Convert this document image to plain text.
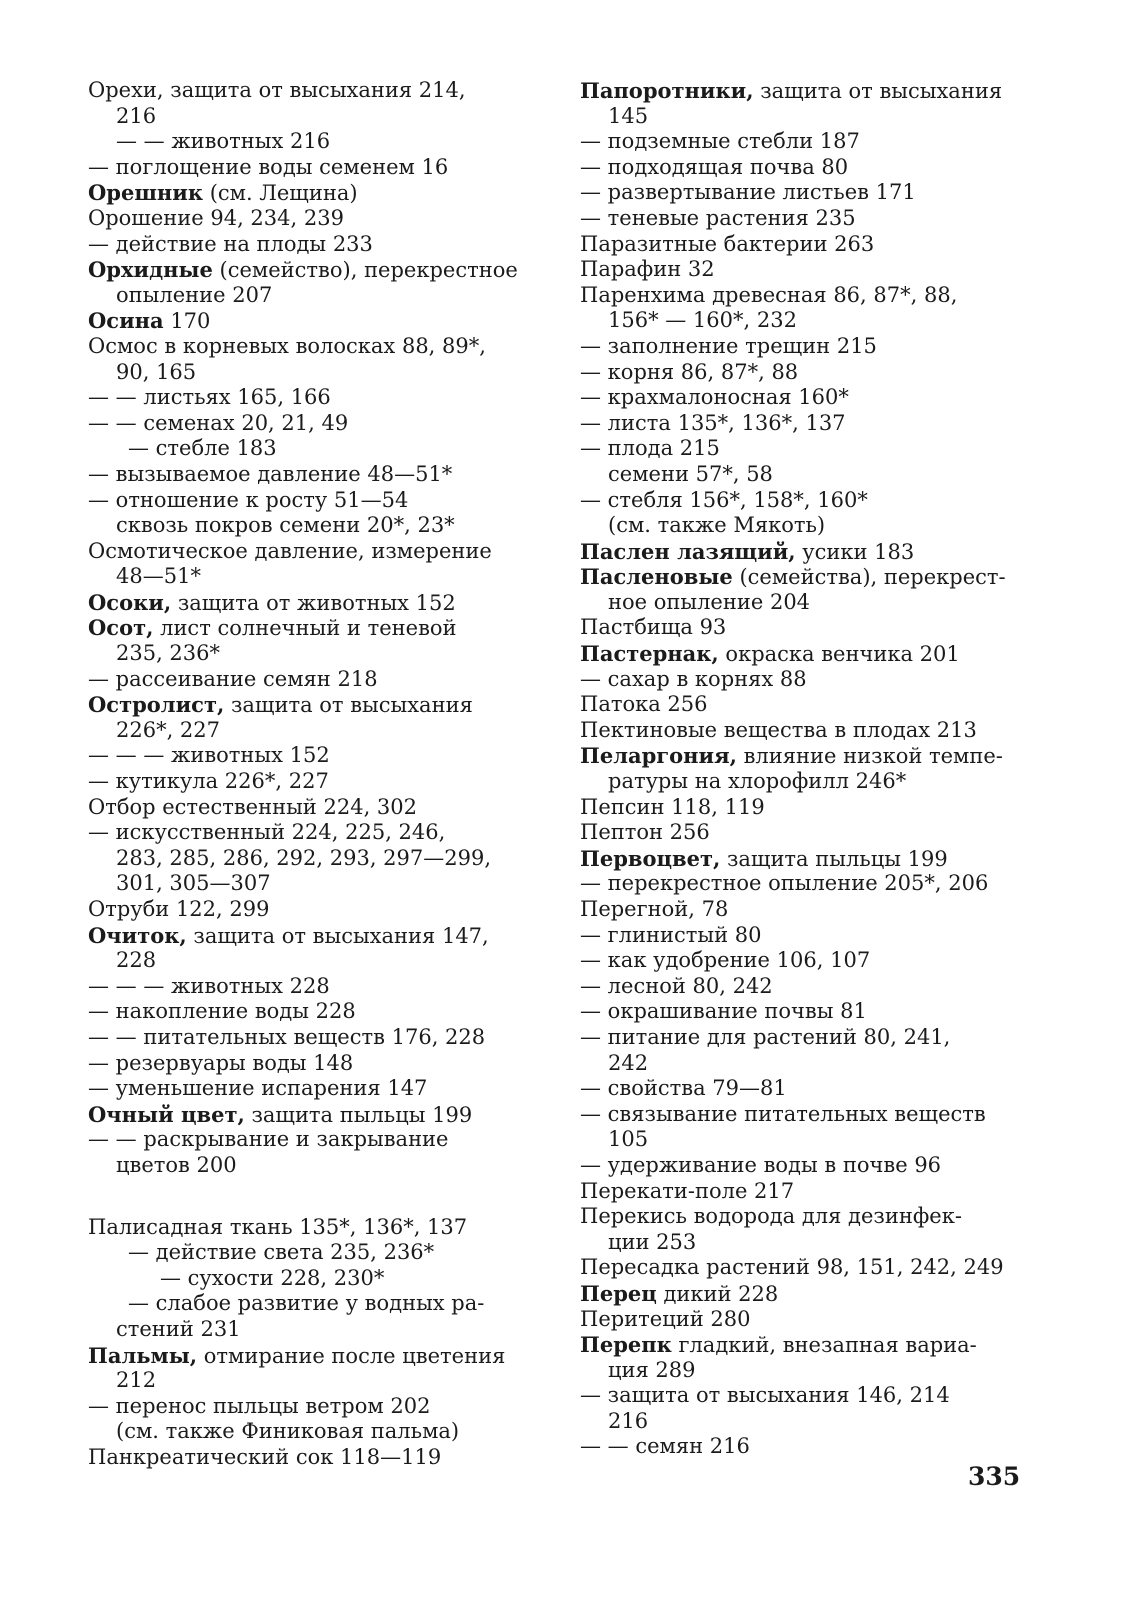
Орехи, защита от высыхания 214,
216
— — животных 216
— поглощение воды семенем 16
Орешник (см. Лещина)
Орошение 94, 234, 239
— действие на плоды 233
Орхидные (семейство), перекрестное
опыление 207
Осина 170
Осмос в корневых волосках 88, 89*,
90, 165
— — листьях 165, 166
— — семенах 20, 21, 49
— стебле 183
— вызываемое давление 48—51*
— отношение к росту 51—54
сквозь покров семени 20*, 23*
Осмотическое давление, измерение
48—51*
Осоки, защита от животных 152
Осот, лист солнечный и теневой
235, 236*
— рассеивание семян 218
Остролист, защита от высыхания
226*, 227
— — — животных 152
— кутикула 226*, 227
Отбор естественный 224, 302
— искусственный 224, 225, 246,
283, 285, 286, 292, 293, 297—299,
301, 305—307
Отруби 122, 299
Очиток, защита от высыхания 147,
228
— — — животных 228
— накопление воды 228
— — питательных веществ 176, 228
— резервуары воды 148
— уменьшение испарения 147
Очный цвет, защита пыльцы 199
— — раскрывание и закрывание
цветов 200
Палисадная ткань 135*, 136*, 137
— действие света 235, 236*
— сухости 228, 230*
— слабое развитие у водных ра-
стений 231
Пальмы, отмирание после цветения
212
— перенос пыльцы ветром 202
(см. также Финиковая пальма)
Панкреатический сок 118—119
Папоротники, защита от высыхания
145
— подземные стебли 187
— подходящая почва 80
— развертывание листьев 171
— теневые растения 235
Паразитные бактерии 263
Парафин 32
Паренхима древесная 86, 87*, 88,
156* — 160*, 232
— заполнение трещин 215
— корня 86, 87*, 88
— крахмалоносная 160*
— листа 135*, 136*, 137
— плода 215
семени 57*, 58
— стебля 156*, 158*, 160*
(см. также Мякоть)
Паслен лазящий, усики 183
Пасленовые (семейства), перекрест-
ное опыление 204
Пастбища 93
Пастернак, окраска венчика 201
— сахар в корнях 88
Патока 256
Пектиновые вещества в плодах 213
Пеларгония, влияние низкой темпе-
ратуры на хлорофилл 246*
Пепсин 118, 119
Пептон 256
Первоцвет, защита пыльцы 199
— перекрестное опыление 205*, 206
Перегной, 78
— глинистый 80
— как удобрение 106, 107
— лесной 80, 242
— окрашивание почвы 81
— питание для растений 80, 241,
242
— свойства 79—81
— связывание питательных веществ
105
— удерживание воды в почве 96
Перекати-поле 217
Перекись водорода для дезинфек-
ции 253
Пересадка растений 98, 151, 242, 249
Перец дикий 228
Перитеций 280
Перепк гладкий, внезапная вариа-
ция 289
— защита от высыхания 146, 214
216
— — семян 216
335
